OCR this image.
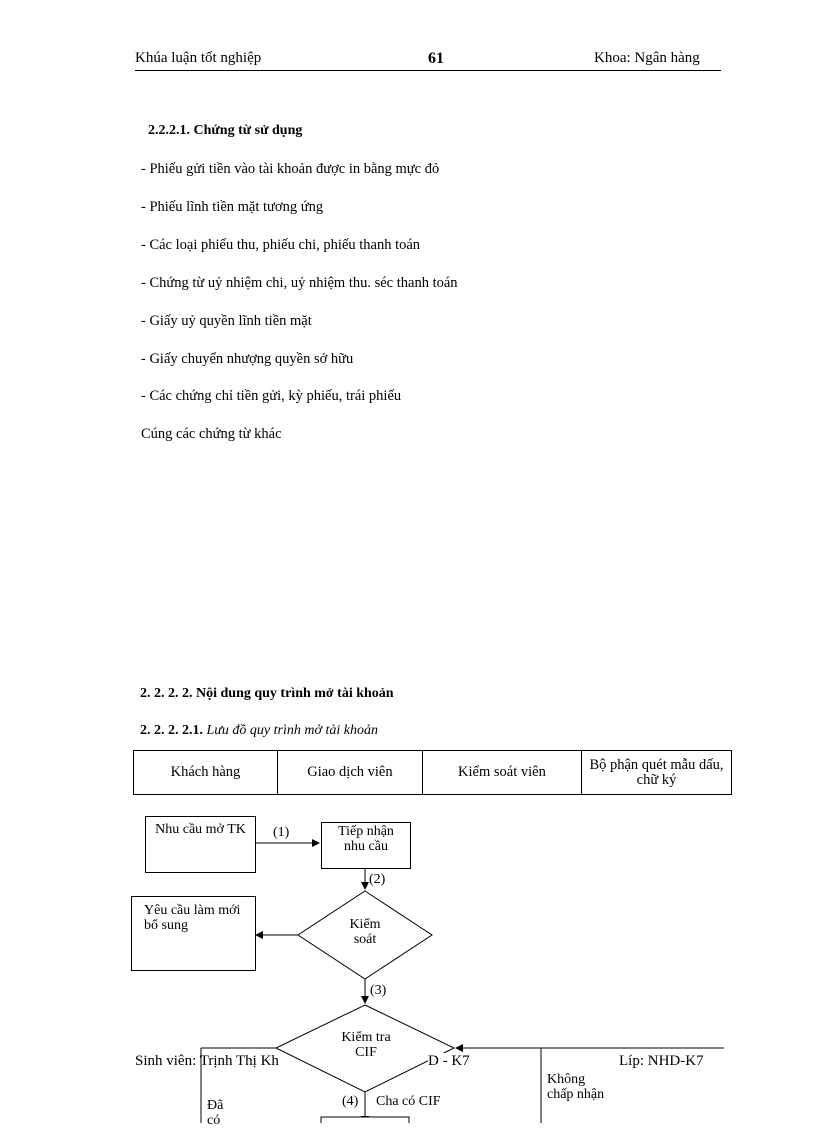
Khúa luận tốt nghiệp	61	Khoa: Ngân hàng
2.2.2.1. Chứng từ sử dụng
- Phiếu gửi tiền vào tài khoản được in bằng mực đỏ
- Phiếu lĩnh tiền mặt tương ứng
- Các loại phiếu thu, phiếu chi, phiếu thanh toán
- Chứng từ uỷ nhiệm chi, uỷ nhiệm thu. séc thanh toán
- Giấy uỷ quyền lĩnh tiền mặt
- Giấy chuyển nhượng quyền sở hữu
- Các chứng chỉ tiền gửi, kỳ phiếu, trái phiếu
Cúng các chứng từ khác
2. 2. 2. 2. Nội dung quy trình mở tài khoản
2. 2. 2. 2.1. Lưu đồ quy trình mở tài khoản
Khách hàng	Giao dịch viên	Kiểm soát viên	Bộ phận quét mẫu dấu, chữ ký
Nhu cầu mở TK	Tiếp nhận nhu cầu
Yêu cầu làm mới bổ sung	Kiểm soát
Kiểm tra CIF
(1)
(2)
(3)
(4) Cha có CIF
Không chấp nhận
Đã có
Sinh viên: Trịnh Thị Kh	D - K7	Líp: NHD-K7
